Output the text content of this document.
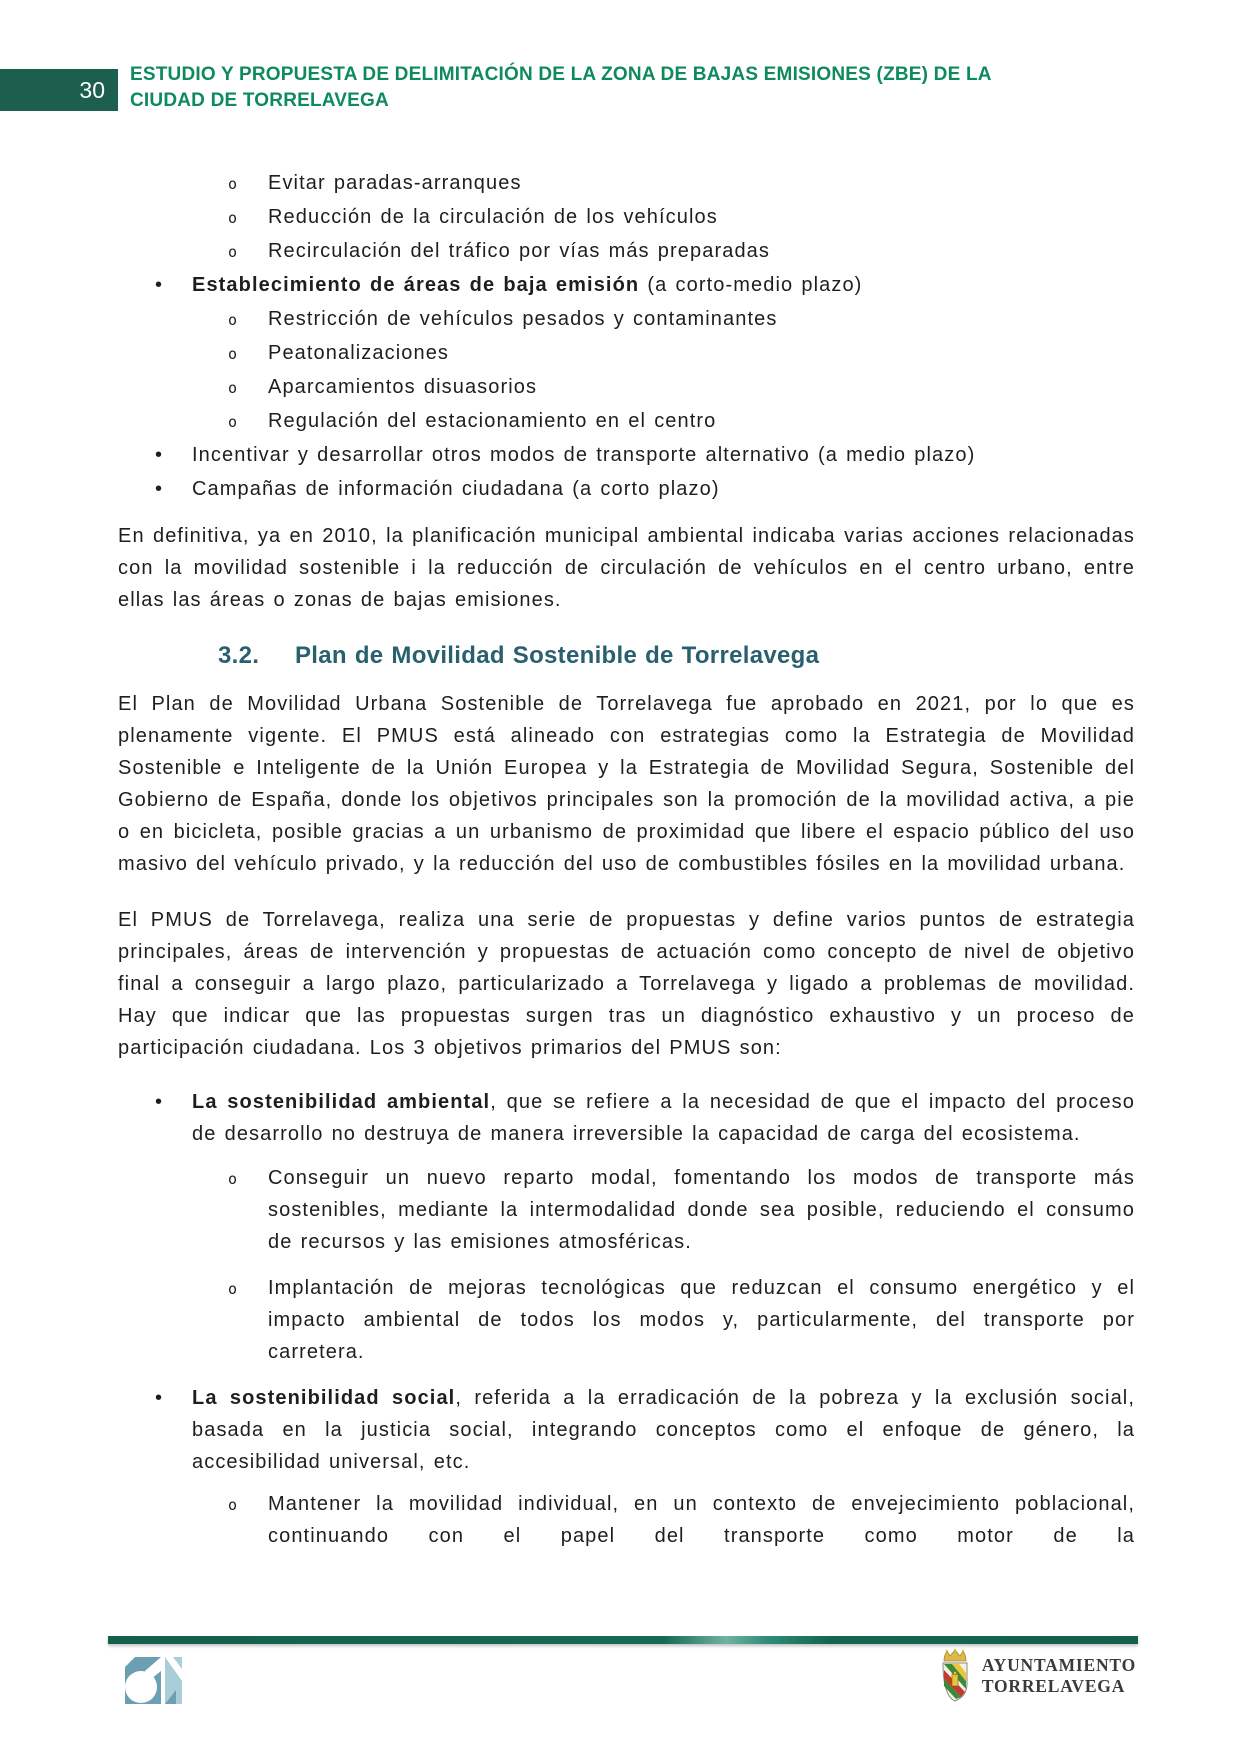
30
ESTUDIO Y PROPUESTA DE DELIMITACIÓN DE LA ZONA DE BAJAS EMISIONES (ZBE) DE LA
CIUDAD DE TORRELAVEGA
o Evitar paradas-arranques
o Reducción de la circulación de los vehículos
o Recirculación del tráfico por vías más preparadas
• Establecimiento de áreas de baja emisión (a corto-medio plazo)
o Restricción de vehículos pesados y contaminantes
o Peatonalizaciones
o Aparcamientos disuasorios
o Regulación del estacionamiento en el centro
• Incentivar y desarrollar otros modos de transporte alternativo (a medio plazo)
• Campañas de información ciudadana (a corto plazo)

En definitiva, ya en 2010, la planificación municipal ambiental indicaba varias acciones relacionadas con la movilidad sostenible i la reducción de circulación de vehículos en el centro urbano, entre ellas las áreas o zonas de bajas emisiones.

3.2. Plan de Movilidad Sostenible de Torrelavega

El Plan de Movilidad Urbana Sostenible de Torrelavega fue aprobado en 2021, por lo que es plenamente vigente. El PMUS está alineado con estrategias como la Estrategia de Movilidad Sostenible e Inteligente de la Unión Europea y la Estrategia de Movilidad Segura, Sostenible del Gobierno de España, donde los objetivos principales son la promoción de la movilidad activa, a pie o en bicicleta, posible gracias a un urbanismo de proximidad que libere el espacio público del uso masivo del vehículo privado, y la reducción del uso de combustibles fósiles en la movilidad urbana.

El PMUS de Torrelavega, realiza una serie de propuestas y define varios puntos de estrategia principales, áreas de intervención y propuestas de actuación como concepto de nivel de objetivo final a conseguir a largo plazo, particularizado a Torrelavega y ligado a problemas de movilidad. Hay que indicar que las propuestas surgen tras un diagnóstico exhaustivo y un proceso de participación ciudadana. Los 3 objetivos primarios del PMUS son:

• La sostenibilidad ambiental, que se refiere a la necesidad de que el impacto del proceso de desarrollo no destruya de manera irreversible la capacidad de carga del ecosistema.
o Conseguir un nuevo reparto modal, fomentando los modos de transporte más sostenibles, mediante la intermodalidad donde sea posible, reduciendo el consumo de recursos y las emisiones atmosféricas.
o Implantación de mejoras tecnológicas que reduzcan el consumo energético y el impacto ambiental de todos los modos y, particularmente, del transporte por carretera.
• La sostenibilidad social, referida a la erradicación de la pobreza y la exclusión social, basada en la justicia social, integrando conceptos como el enfoque de género, la accesibilidad universal, etc.
o Mantener la movilidad individual, en un contexto de envejecimiento poblacional, continuando con el papel del transporte como motor de la
AYUNTAMIENTO
TORRELAVEGA
